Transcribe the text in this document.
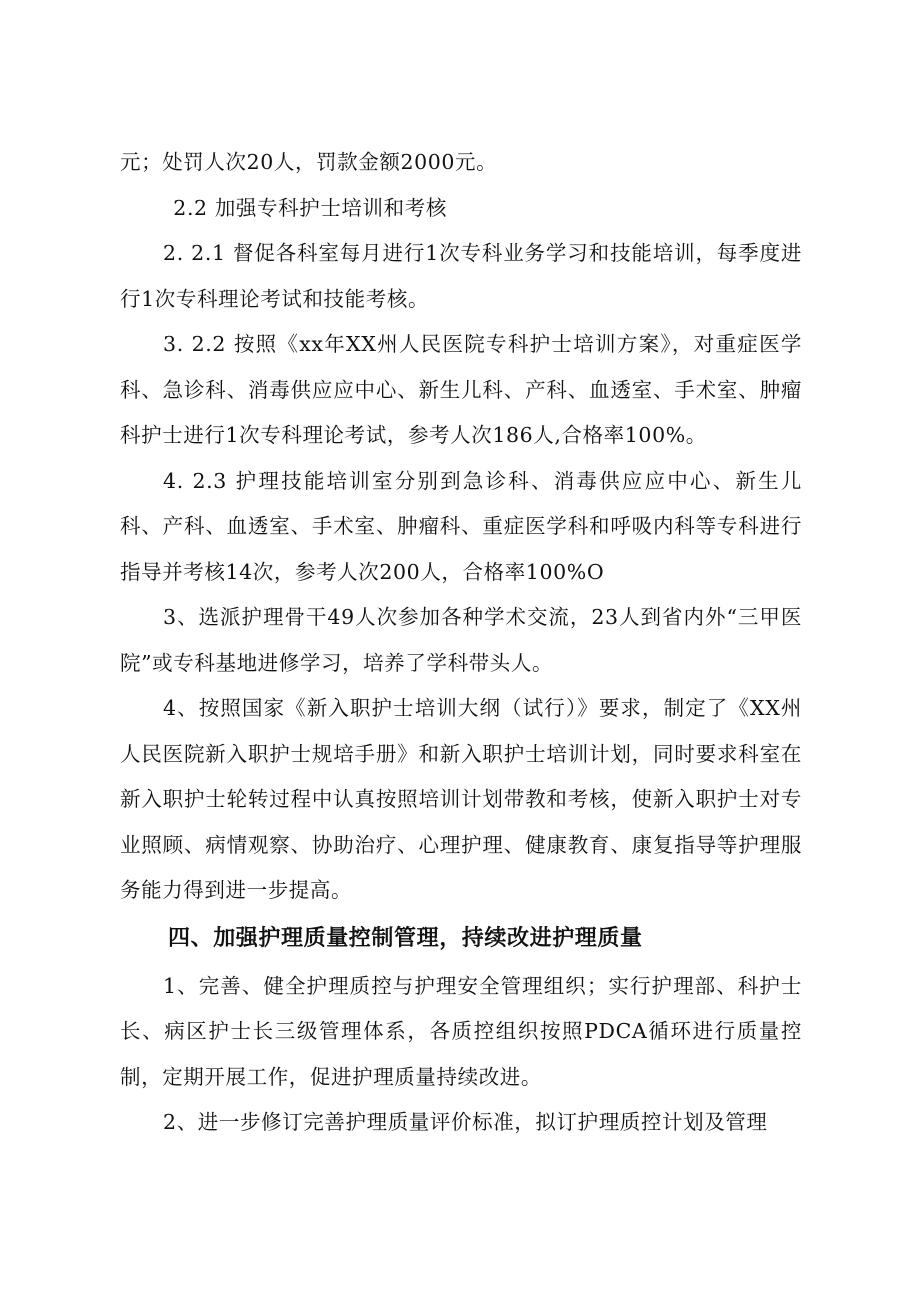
元；处罚人次20人，罚款金额2000元。

2.2 加强专科护士培训和考核

2. 2.1 督促各科室每月进行1次专科业务学习和技能培训，每季度进行1次专科理论考试和技能考核。

3. 2.2 按照《xx年XX州人民医院专科护士培训方案》，对重症医学科、急诊科、消毒供应应中心、新生儿科、产科、血透室、手术室、肿瘤科护士进行1次专科理论考试，参考人次186人,合格率100%。

4. 2.3 护理技能培训室分别到急诊科、消毒供应应中心、新生儿科、产科、血透室、手术室、肿瘤科、重症医学科和呼吸内科等专科进行指导并考核14次，参考人次200人，合格率100%O

3、选派护理骨干49人次参加各种学术交流，23人到省内外“三甲医院”或专科基地进修学习，培养了学科带头人。

4、按照国家《新入职护士培训大纲（试行）》要求，制定了《XX州人民医院新入职护士规培手册》和新入职护士培训计划，同时要求科室在新入职护士轮转过程中认真按照培训计划带教和考核，使新入职护士对专业照顾、病情观察、协助治疗、心理护理、健康教育、康复指导等护理服务能力得到进一步提高。

四、加强护理质量控制管理，持续改进护理质量

1、完善、健全护理质控与护理安全管理组织；实行护理部、科护士长、病区护士长三级管理体系，各质控组织按照PDCA循环进行质量控制，定期开展工作，促进护理质量持续改进。

2、进一步修订完善护理质量评价标准，拟订护理质控计划及管理
